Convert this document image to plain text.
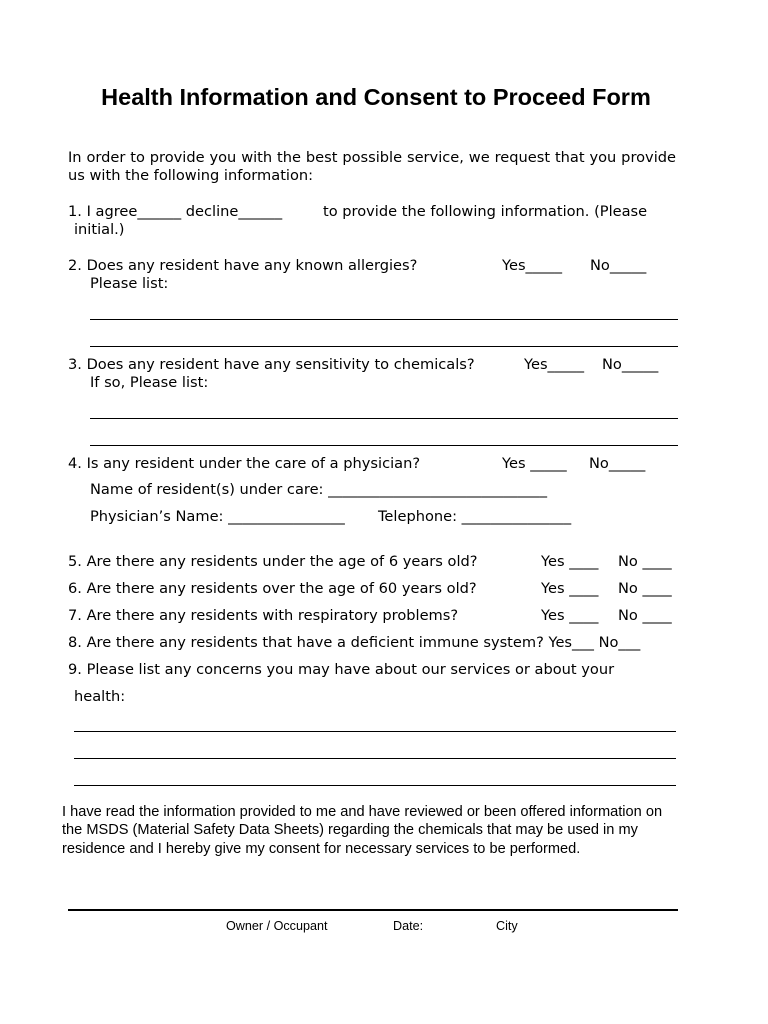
Health Information and Consent to Proceed Form
In order to provide you with the best possible service, we request that you provide us with the following information:
1. I agree______ decline______	to provide the following information. (Please
initial.)
2. Does any resident have any known allergies?	Yes_____ No_____
Please list:
3. Does any resident have any sensitivity to chemicals?	Yes_____ No_____
If so, Please list:
4. Is any resident under the care of a physician?	Yes _____ No_____
Name of resident(s) under care: ______________________________
Physician’s Name: ________________ Telephone: _______________
5. Are there any residents under the age of 6 years old?	Yes ____ No ____
6. Are there any residents over the age of 60 years old?	Yes ____ No ____
7. Are there any residents with respiratory problems?	Yes ____ No ____
8. Are there any residents that have a deficient immune system? Yes___ No___
9. Please list any concerns you may have about our services or about your
health:
I have read the information provided to me and have reviewed or been offered information on the MSDS (Material Safety Data Sheets) regarding the chemicals that may be used in my residence and I hereby give my consent for necessary services to be performed.
Owner / Occupant	Date:	City
